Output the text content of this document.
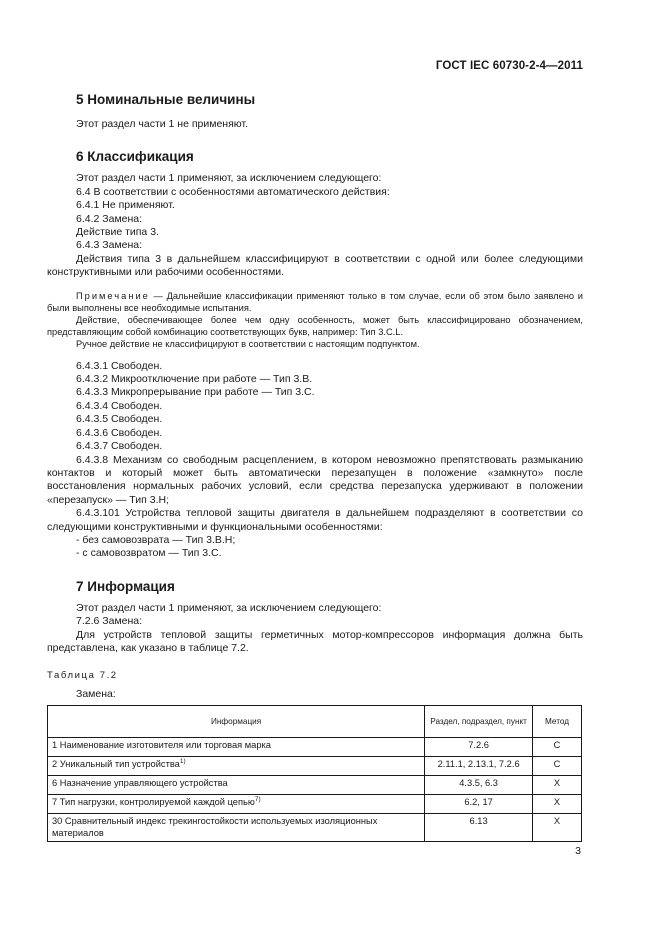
ГОСТ IEC 60730-2-4—2011
5 Номинальные величины

Этот раздел части 1 не применяют.

6 Классификация

Этот раздел части 1 применяют, за исключением следующего:

6.4 В соответствии с особенностями автоматического действия:

6.4.1 Не применяют.

6.4.2 Замена:

Действие типа 3.

6.4.3 Замена:

Действия типа 3 в дальнейшем классифицируют в соответствии с одной или более следующими конструктивными или рабочими особенностями.

Примечание — Дальнейшие классификации применяют только в том случае, если об этом было заявлено и были выполнены все необходимые испытания.

Действие, обеспечивающее более чем одну особенность, может быть классифицировано обозначением, представляющим собой комбинацию соответствующих букв, например: Тип 3.C.L.

Ручное действие не классифицируют в соответствии с настоящим подпунктом.

6.4.3.1 Свободен.

6.4.3.2 Микроотключение при работе — Тип 3.B.

6.4.3.3 Микропрерывание при работе — Тип 3.C.

6.4.3.4 Свободен.

6.4.3.5 Свободен.

6.4.3.6 Свободен.

6.4.3.7 Свободен.

6.4.3.8 Механизм со свободным расцеплением, в котором невозможно препятствовать размыканию контактов и который может быть автоматически перезапущен в положение «замкнуто» после восстановления нормальных рабочих условий, если средства перезапуска удерживают в положении «перезапуск» — Тип 3.H;

6.4.3.101 Устройства тепловой защиты двигателя в дальнейшем подразделяют в соответствии со следующими конструктивными и функциональными особенностями:

- без самовозврата — Тип 3.B.H;

- с самовозвратом — Тип 3.C.

7 Информация

Этот раздел части 1 применяют, за исключением следующего:

7.2.6 Замена:

Для устройств тепловой защиты герметичных мотор-компрессоров информация должна быть представлена, как указано в таблице 7.2.

Таблица 7.2

Замена:

Информация	Раздел, подраздел, пункт	Метод
1 Наименование изготовителя или торговая марка	7.2.6	C
2 Уникальный тип устройства$^{1)}$	2.11.1, 2.13.1, 7.2.6	C
6 Назначение управляющего устройства	4.3.5, 6.3	X
7 Тип нагрузки, контролируемой каждой цепью$^{7)}$	6.2, 17	X
30 Сравнительный индекс трекингостойкости используемых изоляционных материалов	6.13	X
3
